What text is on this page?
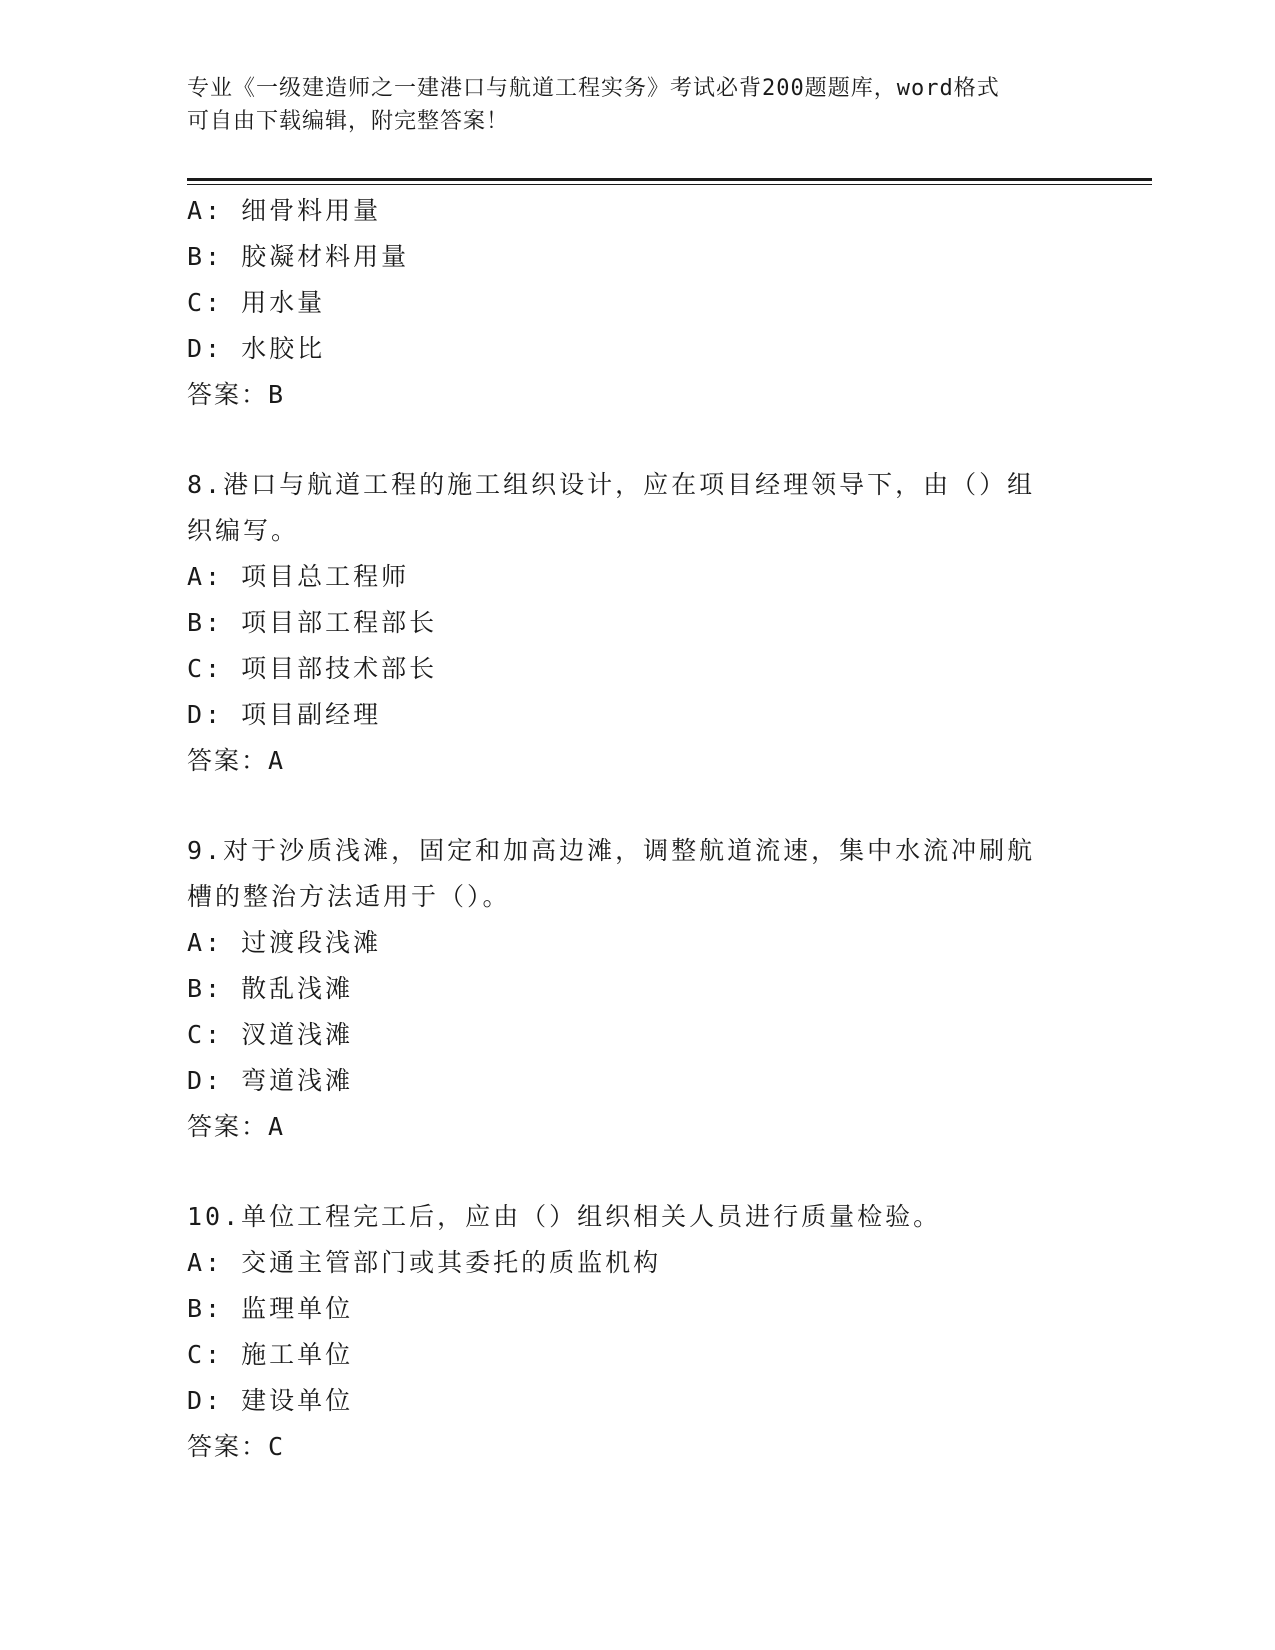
专业《一级建造师之一建港口与航道工程实务》考试必背200题题库，word格式
可自由下载编辑，附完整答案！
A: 细骨料用量
B: 胶凝材料用量
C: 用水量
D: 水胶比
答案：B
8.港口与航道工程的施工组织设计，应在项目经理领导下，由（）组
织编写。
A: 项目总工程师
B: 项目部工程部长
C: 项目部技术部长
D: 项目副经理
答案：A
9.对于沙质浅滩，固定和加高边滩，调整航道流速，集中水流冲刷航
槽的整治方法适用于（）。
A: 过渡段浅滩
B: 散乱浅滩
C: 汊道浅滩
D: 弯道浅滩
答案：A
10.单位工程完工后，应由（）组织相关人员进行质量检验。
A: 交通主管部门或其委托的质监机构
B: 监理单位
C: 施工单位
D: 建设单位
答案：C
